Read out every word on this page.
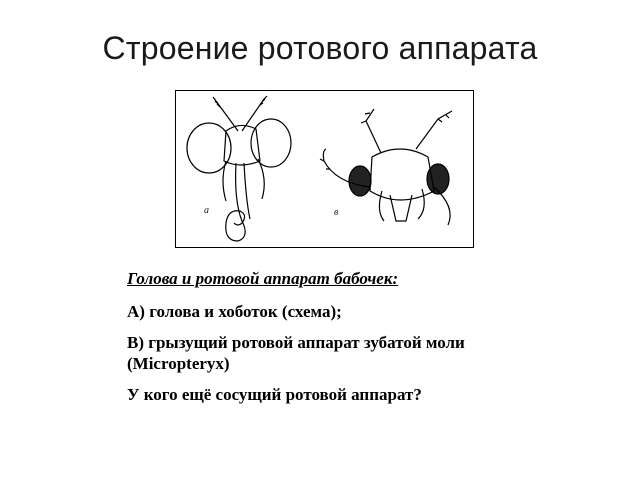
Строение ротового аппарата
а	в

Голова и ротовой аппарат бабочек:

А) голова и хоботок (схема);

В) грызущий ротовой аппарат зубатой моли (Micropteryx)

У кого ещё сосущий ротовой аппарат?
